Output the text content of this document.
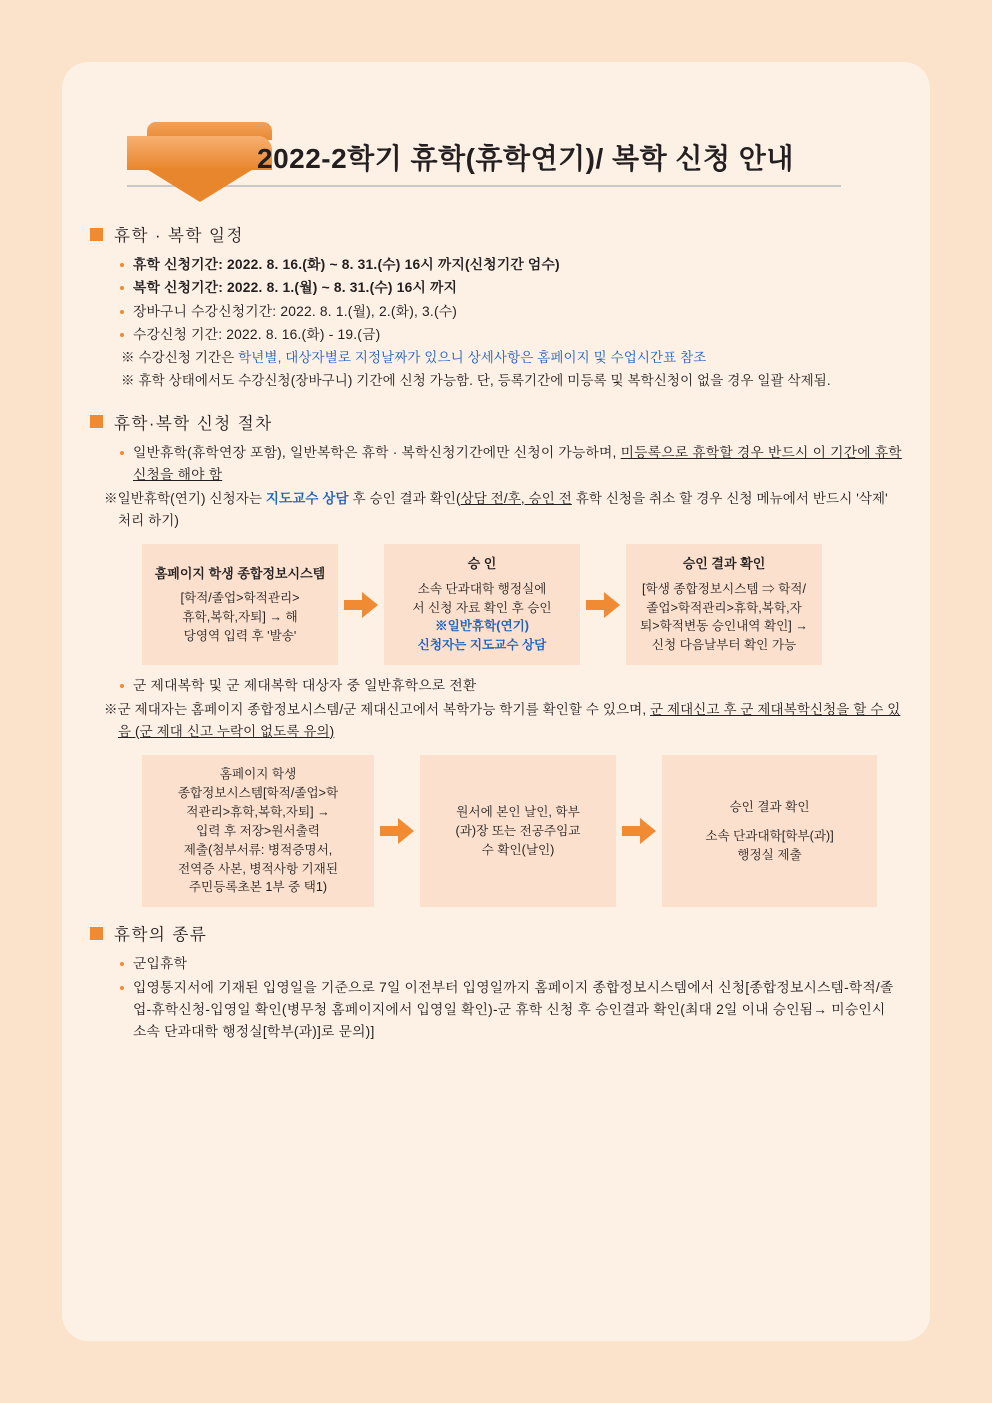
2022-2학기 휴학(휴학연기)/ 복학 신청 안내
휴학 · 복학 일정
휴학 신청기간: 2022. 8. 16.(화) ~ 8. 31.(수) 16시 까지(신청기간 엄수)
복학 신청기간: 2022. 8. 1.(월) ~ 8. 31.(수) 16시 까지
장바구니 수강신청기간: 2022. 8. 1.(월), 2.(화), 3.(수)
수강신청 기간: 2022. 8. 16.(화) - 19.(금)
※ 수강신청 기간은 학년별, 대상자별로 지정날짜가 있으니 상세사항은 홈페이지 및 수업시간표 참조
※ 휴학 상태에서도 수강신청(장바구니) 기간에 신청 가능함. 단, 등록기간에 미등록 및 복학신청이 없을 경우 일괄 삭제됨.
휴학·복학 신청 절차
일반휴학(휴학연장 포함), 일반복학은 휴학 · 복학신청기간에만 신청이 가능하며, 미등록으로 휴학할 경우 반드시 이 기간에 휴학신청을 해야 함
※일반휴학(연기) 신청자는 지도교수 상담 후 승인 결과 확인(상담 전/후, 승인 전 휴학 신청을 취소 할 경우 신청 메뉴에서 반드시 '삭제' 처리 하기)
홈페이지 학생 종합정보시스템
[학적/졸업>학적관리>
휴학,복학,자퇴] → 해
당영역 입력 후 '발송'
승 인
소속 단과대학 행정실에
서 신청 자료 확인 후 승인
※일반휴학(연기)
신청자는 지도교수 상담
승인 결과 확인
[학생 종합정보시스템 ⇒ 학적/
졸업>학적관리>휴학,복학,자
퇴>학적변동 승인내역 확인] →
신청 다음날부터 확인 가능
군 제대복학 및 군 제대복학 대상자 중 일반휴학으로 전환
※군 제대자는 홈페이지 종합정보시스템/군 제대신고에서 복학가능 학기를 확인할 수 있으며, 군 제대신고 후 군 제대복학신청을 할 수 있음 (군 제대 신고 누락이 없도록 유의)
홈페이지 학생
종합정보시스템[학적/졸업>학
적관리>휴학,복학,자퇴] →
입력 후 저장>원서출력
제출(첨부서류: 병적증명서,
전역증 사본, 병적사항 기재된
주민등록초본 1부 중 택1)
원서에 본인 날인, 학부
(과)장 또는 전공주임교
수 확인(날인)
승인 결과 확인
소속 단과대학[학부(과)]
행정실 제출
휴학의 종류
군입휴학
입영통지서에 기재된 입영일을 기준으로 7일 이전부터 입영일까지 홈페이지 종합정보시스템에서 신청[종합정보시스템-학적/졸업-휴학신청-입영일 확인(병무청 홈페이지에서 입영일 확인)-군 휴학 신청 후 승인결과 확인(최대 2일 이내 승인됨→ 미승인시 소속 단과대학 행정실[학부(과)]로 문의)]
